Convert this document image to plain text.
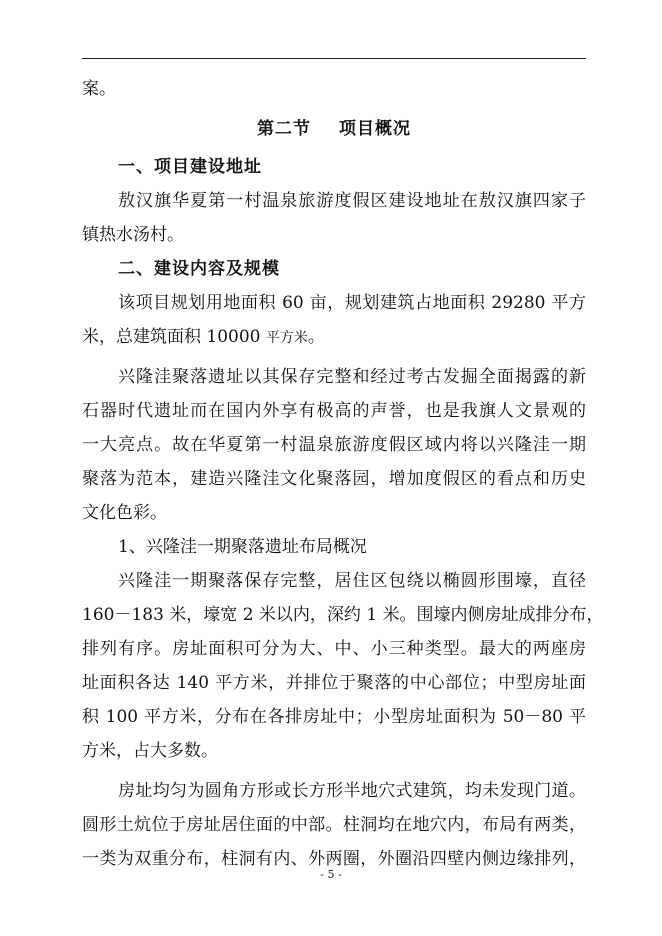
案。
第二节 项目概况
一、项目建设地址
敖汉旗华夏第一村温泉旅游度假区建设地址在敖汉旗四家子
镇热水汤村。
二、建设内容及规模
该项目规划用地面积 60 亩，规划建筑占地面积 29280 平方
米，总建筑面积 10000 平方米。
兴隆洼聚落遗址以其保存完整和经过考古发掘全面揭露的新
石器时代遗址而在国内外享有极高的声誉，也是我旗人文景观的
一大亮点。故在华夏第一村温泉旅游度假区域内将以兴隆洼一期
聚落为范本，建造兴隆洼文化聚落园，增加度假区的看点和历史
文化色彩。
1、兴隆洼一期聚落遗址布局概况
兴隆洼一期聚落保存完整，居住区包绕以椭圆形围壕，直径
160－183 米，壕宽 2 米以内，深约 1 米。围壕内侧房址成排分布，
排列有序。房址面积可分为大、中、小三种类型。最大的两座房
址面积各达 140 平方米，并排位于聚落的中心部位；中型房址面
积 100 平方米，分布在各排房址中；小型房址面积为 50－80 平
方米，占大多数。
房址均匀为圆角方形或长方形半地穴式建筑，均未发现门道。
圆形土炕位于房址居住面的中部。柱洞均在地穴内，布局有两类，
一类为双重分布，柱洞有内、外两圈，外圈沿四壁内侧边缘排列，
- 5 -
